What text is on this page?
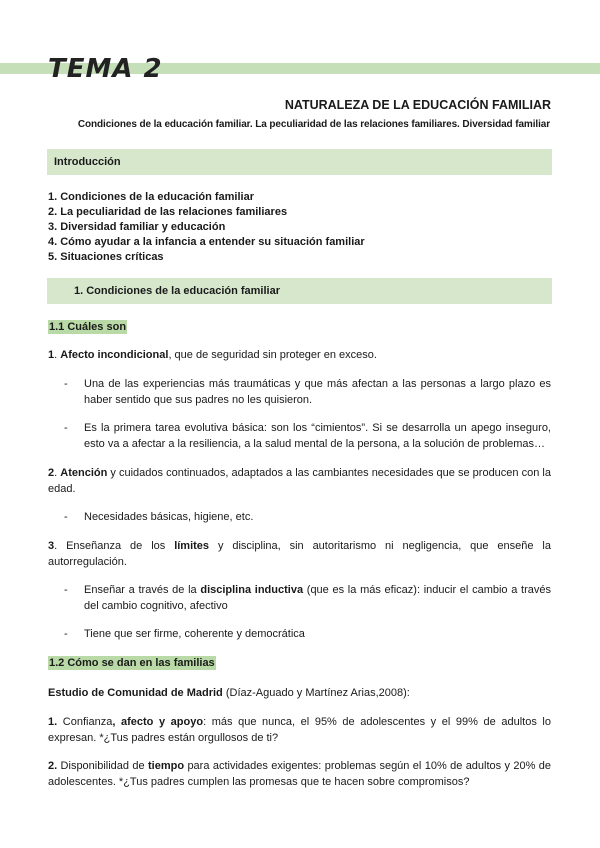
TEMA 2
NATURALEZA DE LA EDUCACIÓN FAMILIAR

Condiciones de la educación familiar. La peculiaridad de las relaciones familiares. Diversidad familiar

Introducción
1. Condiciones de la educación familiar
2. La peculiaridad de las relaciones familiares
3. Diversidad familiar y educación
4. Cómo ayudar a la infancia a entender su situación familiar
5. Situaciones críticas
1. Condiciones de la educación familiar
1.1 Cuáles son

1. Afecto incondicional, que de seguridad sin proteger en exceso.

- Una de las experiencias más traumáticas y que más afectan a las personas a largo plazo es haber sentido que sus padres no les quisieron.
- Es la primera tarea evolutiva básica: son los “cimientos”. Si se desarrolla un apego inseguro, esto va a afectar a la resiliencia, a la salud mental de la persona, a la solución de problemas…

2. Atención y cuidados continuados, adaptados a las cambiantes necesidades que se producen con la edad.

- Necesidades básicas, higiene, etc.

3. Enseñanza de los límites y disciplina, sin autoritarismo ni negligencia, que enseñe la autorregulación.

- Enseñar a través de la disciplina inductiva (que es la más eficaz): inducir el cambio a través del cambio cognitivo, afectivo
- Tiene que ser firme, coherente y democrática
1.2 Cómo se dan en las familias

Estudio de Comunidad de Madrid (Díaz-Aguado y Martínez Arias,2008):

1. Confianza, afecto y apoyo: más que nunca, el 95% de adolescentes y el 99% de adultos lo expresan. *¿Tus padres están orgullosos de ti?

2. Disponibilidad de tiempo para actividades exigentes: problemas según el 10% de adultos y 20% de adolescentes. *¿Tus padres cumplen las promesas que te hacen sobre compromisos?
